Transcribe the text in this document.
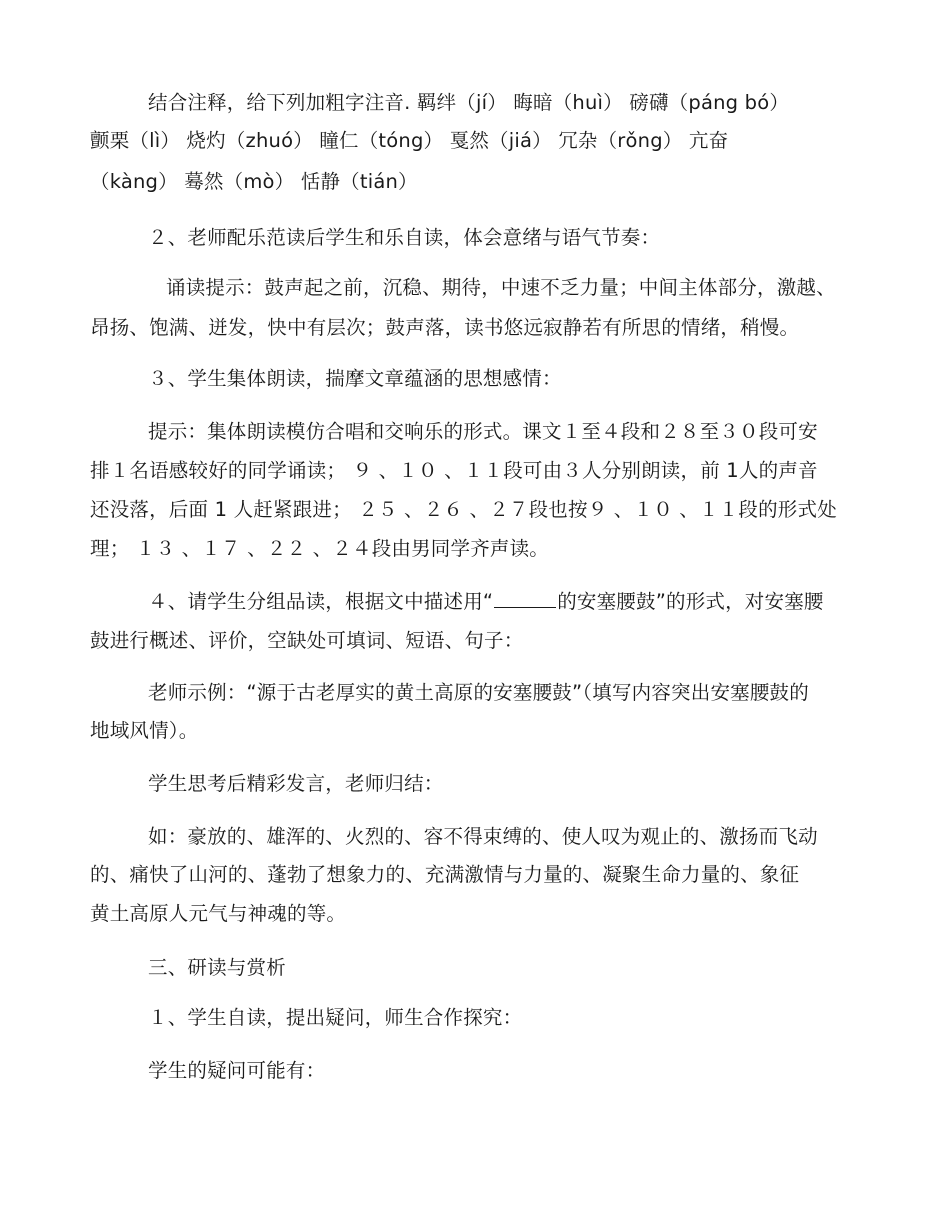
结合注释，给下列加粗字注音. 羁绊（jí） 晦暗（huì） 磅礴（páng bó）
颤栗（lì） 烧灼（zhuó） 瞳仁（tóng） 戛然（jiá） 冗杂（rǒng） 亢奋
（kàng） 蓦然（mò） 恬静（tián）
２、老师配乐范读后学生和乐自读，体会意绪与语气节奏：
诵读提示：鼓声起之前，沉稳、期待，中速不乏力量；中间主体部分，激越、
昂扬、饱满、迸发，快中有层次；鼓声落，读书悠远寂静若有所思的情绪，稍慢。
３、学生集体朗读，揣摩文章蕴涵的思想感情：
提示：集体朗读模仿合唱和交响乐的形式。课文１至４段和２８至３０段可安
排１名语感较好的同学诵读； ９ 、１０ 、１１段可由３人分别朗读，前 1人的声音
还没落，后面 1 人赶紧跟进； ２５ 、２６ 、２７段也按９ 、１０ 、１１段的形式处
理； １３ 、１７ 、２２ 、２４段由男同学齐声读。
４、请学生分组品读，根据文中描述用“	的安塞腰鼓”的形式，对安塞腰
鼓进行概述、评价，空缺处可填词、短语、句子：
老师示例：“源于古老厚实的黄土高原的安塞腰鼓”（填写内容突出安塞腰鼓的
地域风情）。
学生思考后精彩发言，老师归结：
如：豪放的、雄浑的、火烈的、容不得束缚的、使人叹为观止的、激扬而飞动
的、痛快了山河的、蓬勃了想象力的、充满激情与力量的、凝聚生命力量的、象征
黄土高原人元气与神魂的等。
三、研读与赏析
１、学生自读，提出疑问，师生合作探究：
学生的疑问可能有：
